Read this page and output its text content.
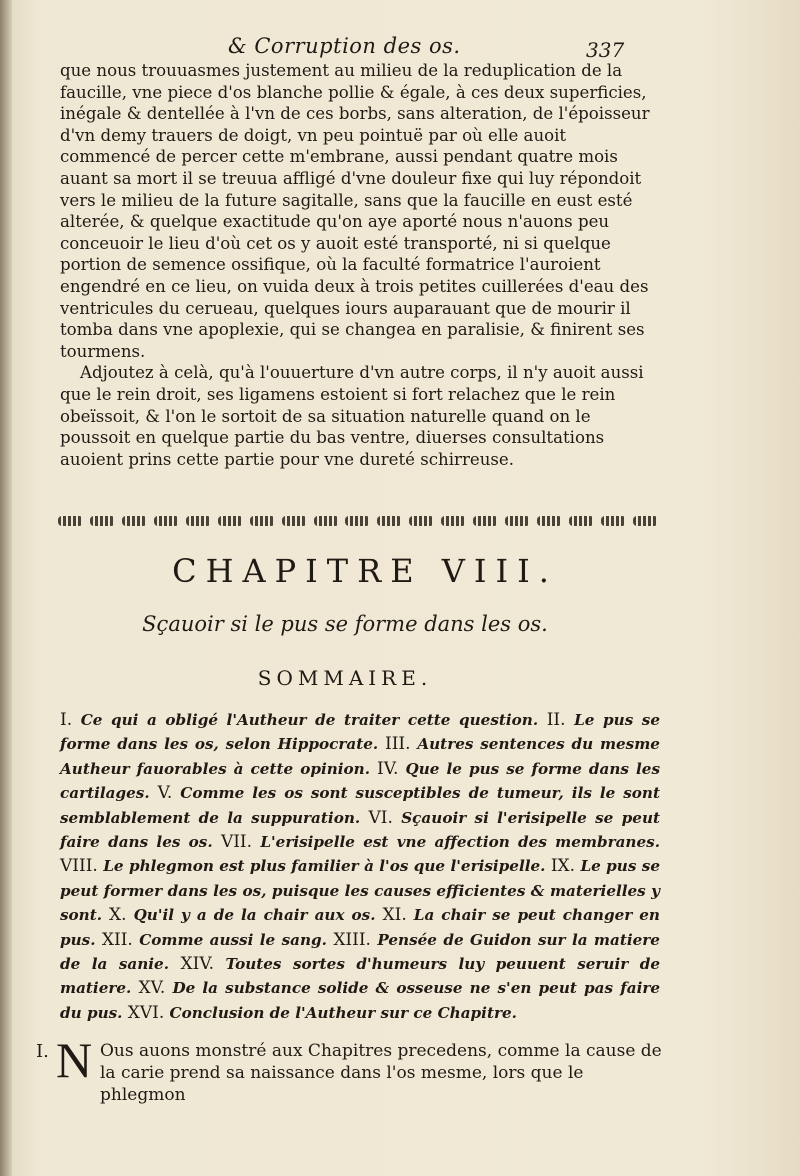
& Corruption des os.	337

que nous trouuasmes justement au milieu de la reduplication de la faucille, vne piece d'os blanche pollie & égale, à ces deux superficies, inégale & dentellée à l'vn de ces borbs, sans alteration, de l'époisseur d'vn demy trauers de doigt, vn peu pointuë par où elle auoit commencé de percer cette m'embrane, aussi pendant quatre mois auant sa mort il se treuua affligé d'vne douleur fixe qui luy répondoit vers le milieu de la future sagitalle, sans que la faucille en eust esté alterée, & quelque exactitude qu'on aye aporté nous n'auons peu conceuoir le lieu d'où cet os y auoit esté transporté, ni si quelque portion de semence ossifique, où la faculté formatrice l'auroient engendré en ce lieu, on vuida deux à trois petites cuillerées d'eau des ventricules du cerueau, quelques iours auparauant que de mourir il tomba dans vne apoplexie, qui se changea en paralisie, & finirent ses tourmens.

Adjoutez à celà, qu'à l'ouuerture d'vn autre corps, il n'y auoit aussi que le rein droit, ses ligamens estoient si fort relachez que le rein obeïssoit, & l'on le sortoit de sa situation naturelle quand on le poussoit en quelque partie du bas ventre, diuerses consultations auoient prins cette partie pour vne dureté schirreuse.

CHAPITRE VIII.
Sçauoir si le pus se forme dans les os.
SOMMAIRE.
I. Ce qui a obligé l'Autheur de traiter cette question. II. Le pus se forme dans les os, selon Hippocrate. III. Autres sentences du mesme Autheur fauorables à cette opinion. IV. Que le pus se forme dans les cartilages. V. Comme les os sont susceptibles de tumeur, ils le sont semblablement de la suppuration. VI. Sçauoir si l'erisipelle se peut faire dans les os. VII. L'erisipelle est vne affection des membranes. VIII. Le phlegmon est plus familier à l'os que l'erisipelle. IX. Le pus se peut former dans les os, puisque les causes efficientes & materielles y sont. X. Qu'il y a de la chair aux os. XI. La chair se peut changer en pus. XII. Comme aussi le sang. XIII. Pensée de Guidon sur la matiere de la sanie. XIV. Toutes sortes d'humeurs luy peuuent seruir de matiere. XV. De la substance solide & osseuse ne s'en peut pas faire du pus. XVI. Conclusion de l'Autheur sur ce Chapitre.
I. N Ous auons monstré aux Chapitres precedens, comme la cause de
la carie prend sa naissance dans l'os mesme, lors que le phlegmon
